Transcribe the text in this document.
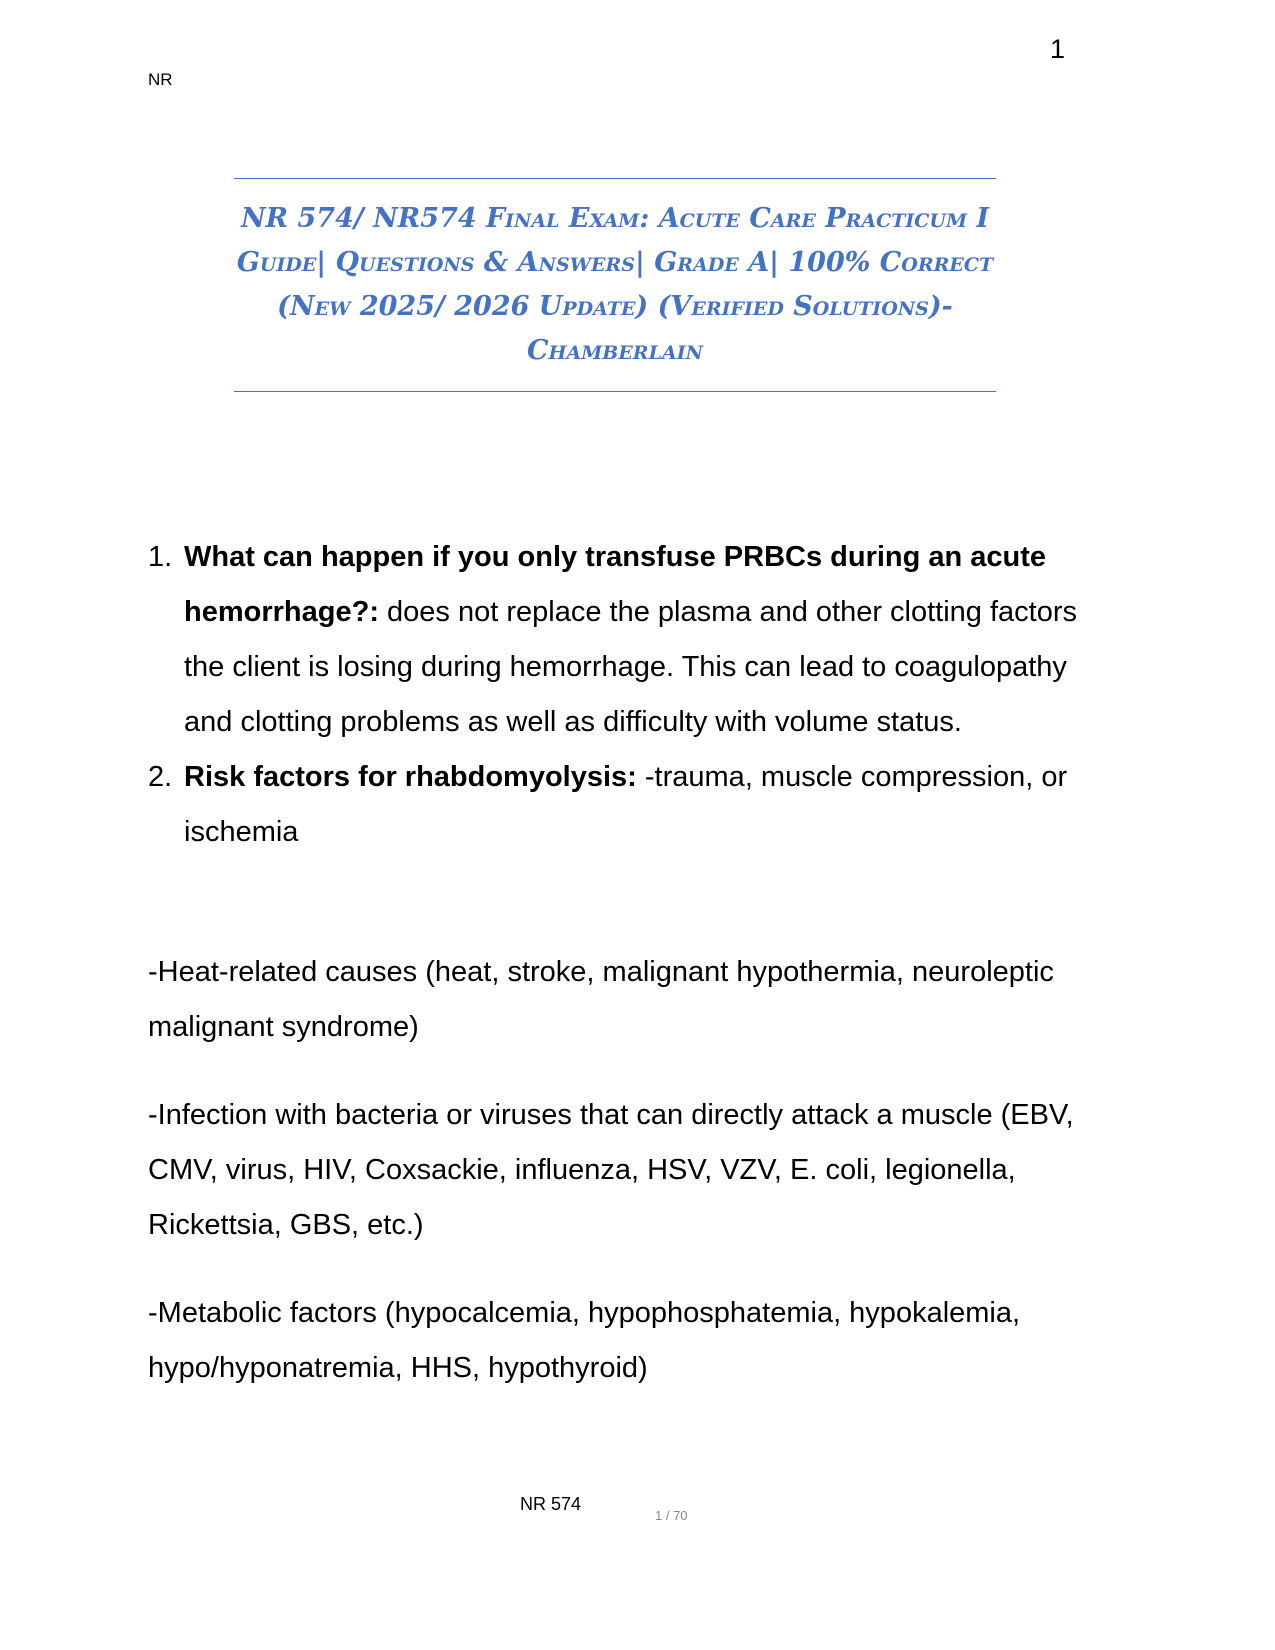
1
NR
NR 574/ NR574 Final Exam: Acute Care Practicum I Guide| Questions & Answers| Grade A| 100% Correct (New 2025/ 2026 Update) (Verified Solutions)- Chamberlain
1. What can happen if you only transfuse PRBCs during an acute hemorrhage?: does not replace the plasma and other clotting factors the client is losing during hemorrhage. This can lead to coagulopathy and clotting problems as well as difficulty with volume status.
2. Risk factors for rhabdomyolysis: -trauma, muscle compression, or ischemia
-Heat-related causes (heat, stroke, malignant hypothermia, neuroleptic malignant syndrome)
-Infection with bacteria or viruses that can directly attack a muscle (EBV, CMV, virus, HIV, Coxsackie, influenza, HSV, VZV, E. coli, legionella, Rickettsia, GBS, etc.)
-Metabolic factors (hypocalcemia, hypophosphatemia, hypokalemia, hypo/hyponatremia, HHS, hypothyroid)
NR 574
1 / 70
